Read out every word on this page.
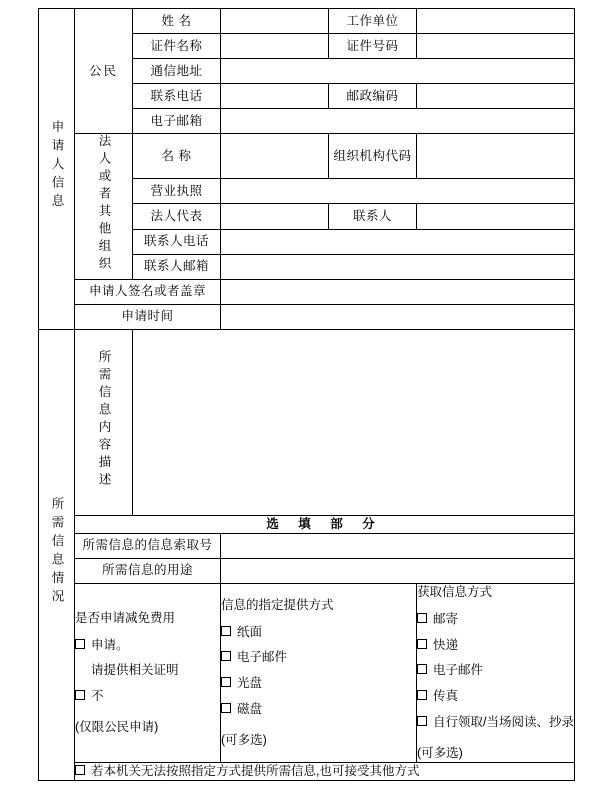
申请人信息	公民	姓 名		工作单位	
		证件名称		证件号码	
		通信地址			
		联系电话		邮政编码	
		电子邮箱			
	法人或者其他组织	名 称		组织机构代码	
		营业执照			
		法人代表		联系人	
		联系人电话			
		联系人邮箱			
	申请人签名或者盖章				
	申请时间				
所需信息情况	所需信息内容描述				
	选 填 部 分				
	所需信息的信息索取号				
	所需信息的用途				

是否申请减免费用
申请。
请提供相关证明
不
(仅限公民申请)

信息的指定提供方式
纸面
电子邮件
光盘
磁盘
(可多选)

获取信息方式
邮寄
快递
电子邮件
传真
自行领取/当场阅读、抄录
(可多选)

	若本机关无法按照指定方式提供所需信息,也可接受其他方式				
